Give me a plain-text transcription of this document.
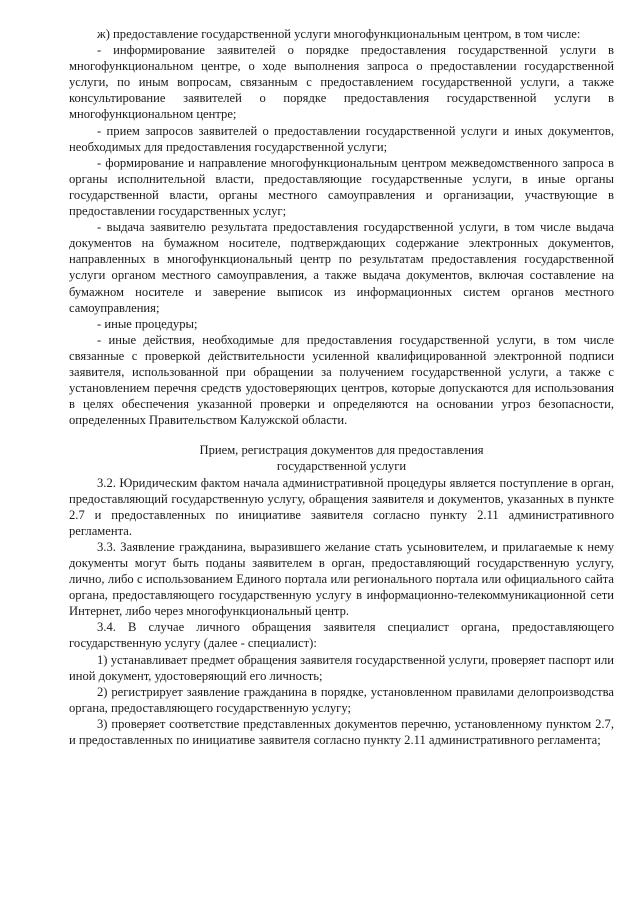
ж) предоставление государственной услуги многофункциональным центром, в том числе:

- информирование заявителей о порядке предоставления государственной услуги в многофункциональном центре, о ходе выполнения запроса о предоставлении государственной услуги, по иным вопросам, связанным с предоставлением государственной услуги, а также консультирование заявителей о порядке предоставления государственной услуги в многофункциональном центре;

- прием запросов заявителей о предоставлении государственной услуги и иных документов, необходимых для предоставления государственной услуги;

- формирование и направление многофункциональным центром межведомственного запроса в органы исполнительной власти, предоставляющие государственные услуги, в иные органы государственной власти, органы местного самоуправления и организации, участвующие в предоставлении государственных услуг;

- выдача заявителю результата предоставления государственной услуги, в том числе выдача документов на бумажном носителе, подтверждающих содержание электронных документов, направленных в многофункциональный центр по результатам предоставления государственной услуги органом местного самоуправления, а также выдача документов, включая составление на бумажном носителе и заверение выписок из информационных систем органов местного самоуправления;

- иные процедуры;

- иные действия, необходимые для предоставления государственной услуги, в том числе связанные с проверкой действительности усиленной квалифицированной электронной подписи заявителя, использованной при обращении за получением государственной услуги, а также с установлением перечня средств удостоверяющих центров, которые допускаются для использования в целях обеспечения указанной проверки и определяются на основании угроз безопасности, определенных Правительством Калужской области.

Прием, регистрация документов для предоставления

государственной услуги

3.2. Юридическим фактом начала административной процедуры является поступление в орган, предоставляющий государственную услугу, обращения заявителя и документов, указанных в пункте 2.7 и предоставленных по инициативе заявителя согласно пункту 2.11 административного регламента.

3.3. Заявление гражданина, выразившего желание стать усыновителем, и прилагаемые к нему документы могут быть поданы заявителем в орган, предоставляющий государственную услугу, лично, либо с использованием Единого портала или регионального портала или официального сайта органа, предоставляющего государственную услугу в информационно-телекоммуникационной сети Интернет, либо через многофункциональный центр.

3.4. В случае личного обращения заявителя специалист органа, предоставляющего государственную услугу (далее - специалист):

1) устанавливает предмет обращения заявителя государственной услуги, проверяет паспорт или иной документ, удостоверяющий его личность;

2) регистрирует заявление гражданина в порядке, установленном правилами делопроизводства органа, предоставляющего государственную услугу;

3) проверяет соответствие представленных документов перечню, установленному пунктом 2.7, и предоставленных по инициативе заявителя согласно пункту 2.11 административного регламента;
